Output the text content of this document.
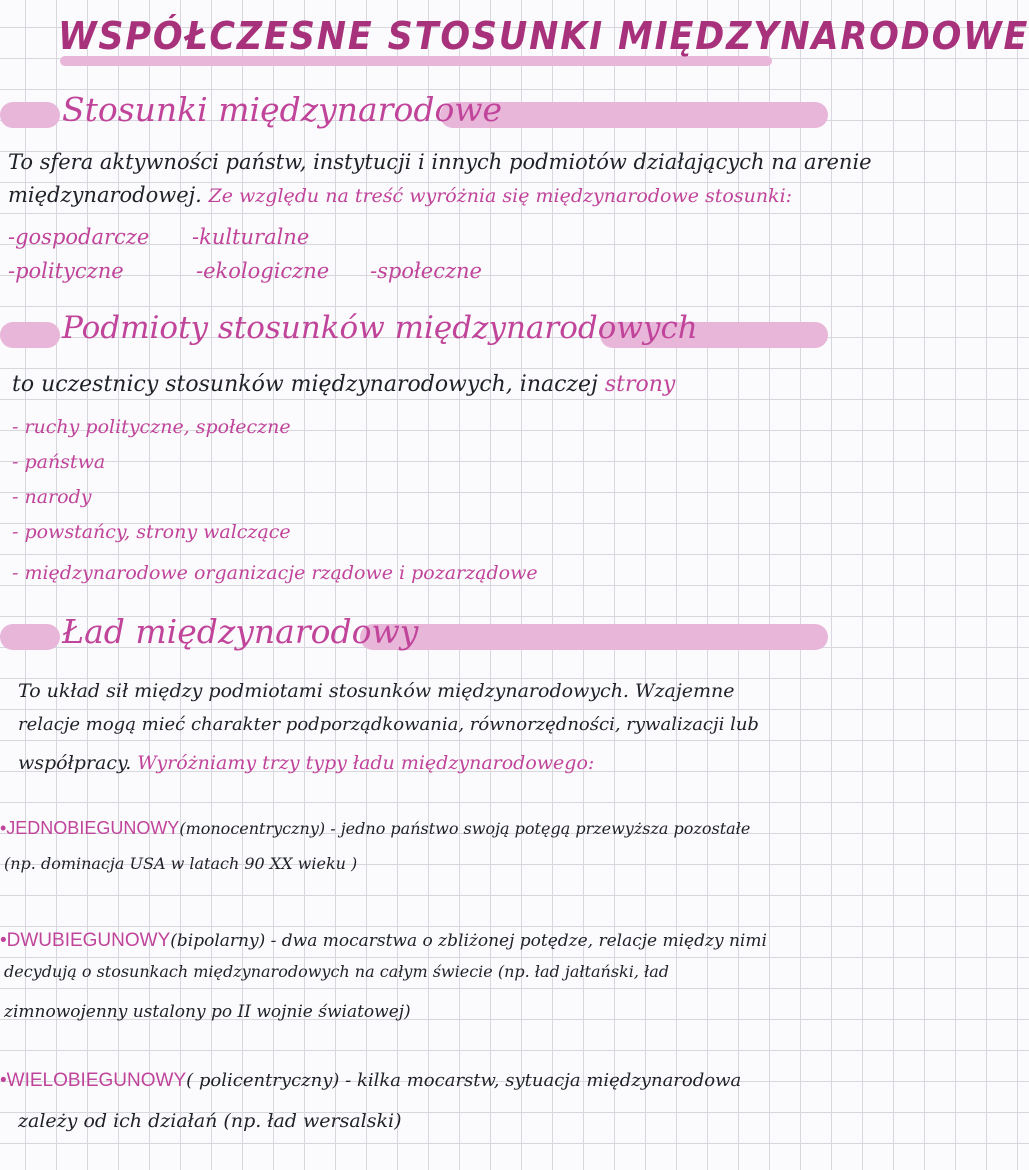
WSPÓŁCZESNE STOSUNKI MIĘDZYNARODOWE
Stosunki międzynarodowe
To sfera aktywności państw, instytucji i innych podmiotów działających na arenie
międzynarodowej. Ze względu na treść wyróżnia się międzynarodowe stosunki:
-gospodarcze -kulturalne
-polityczne	-ekologiczne -społeczne
Podmioty stosunków międzynarodowych
to uczestnicy stosunków międzynarodowych, inaczej strony
- ruchy polityczne, społeczne
- państwa
- narody
- powstańcy, strony walczące
- międzynarodowe organizacje rządowe i pozarządowe
Ład międzynarodowy
To układ sił między podmiotami stosunków międzynarodowych. Wzajemne
relacje mogą mieć charakter podporządkowania, równorzędności, rywalizacji lub
współpracy. Wyróżniamy trzy typy ładu międzynarodowego:
•JEDNOBIEGUNOWY(monocentryczny) - jedno państwo swoją potęgą przewyższa pozostałe
(np. dominacja USA w latach 90 XX wieku )
•DWUBIEGUNOWY(bipolarny) - dwa mocarstwa o zbliżonej potędze, relacje między nimi
decydują o stosunkach międzynarodowych na całym świecie (np. ład jałtański, ład
zimnowojenny ustalony po II wojnie światowej)
•WIELOBIEGUNOWY( policentryczny) - kilka mocarstw, sytuacja międzynarodowa
zależy od ich działań (np. ład wersalski)
